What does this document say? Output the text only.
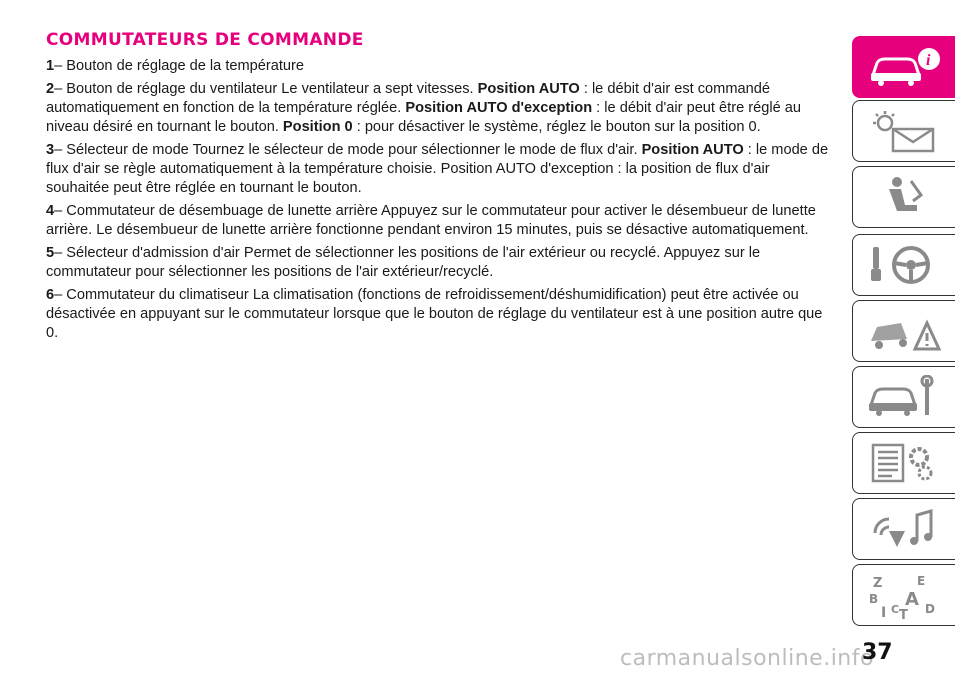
COMMUTATEURS DE COMMANDE
1– Bouton de réglage de la température
2– Bouton de réglage du ventilateur Le ventilateur a sept vitesses. Position AUTO : le débit d'air est commandé automatiquement en fonction de la température réglée. Position AUTO d'exception : le débit d'air peut être réglé au niveau désiré en tournant le bouton. Position 0 : pour désactiver le système, réglez le bouton sur la position 0.
3– Sélecteur de mode Tournez le sélecteur de mode pour sélectionner le mode de flux d'air. Position AUTO : le mode de flux d'air se règle automatiquement à la température choisie. Position AUTO d'exception : la position de flux d'air souhaitée peut être réglée en tournant le bouton.
4– Commutateur de désembuage de lunette arrière Appuyez sur le commutateur pour activer le désembueur de lunette arrière. Le désembueur de lunette arrière fonctionne pendant environ 15 minutes, puis se désactive automatiquement.
5– Sélecteur d'admission d'air Permet de sélectionner les positions de l'air extérieur ou recyclé. Appuyez sur le commutateur pour sélectionner les positions de l'air extérieur/recyclé.
6– Commutateur du climatiseur La climatisation (fonctions de refroidissement/déshumidification) peut être activée ou désactivée en appuyant sur le commutateur lorsque que le bouton de réglage du ventilateur est à une position autre que 0.
i
Z	E
B A
I C T D
carmanualsonline.info
37
